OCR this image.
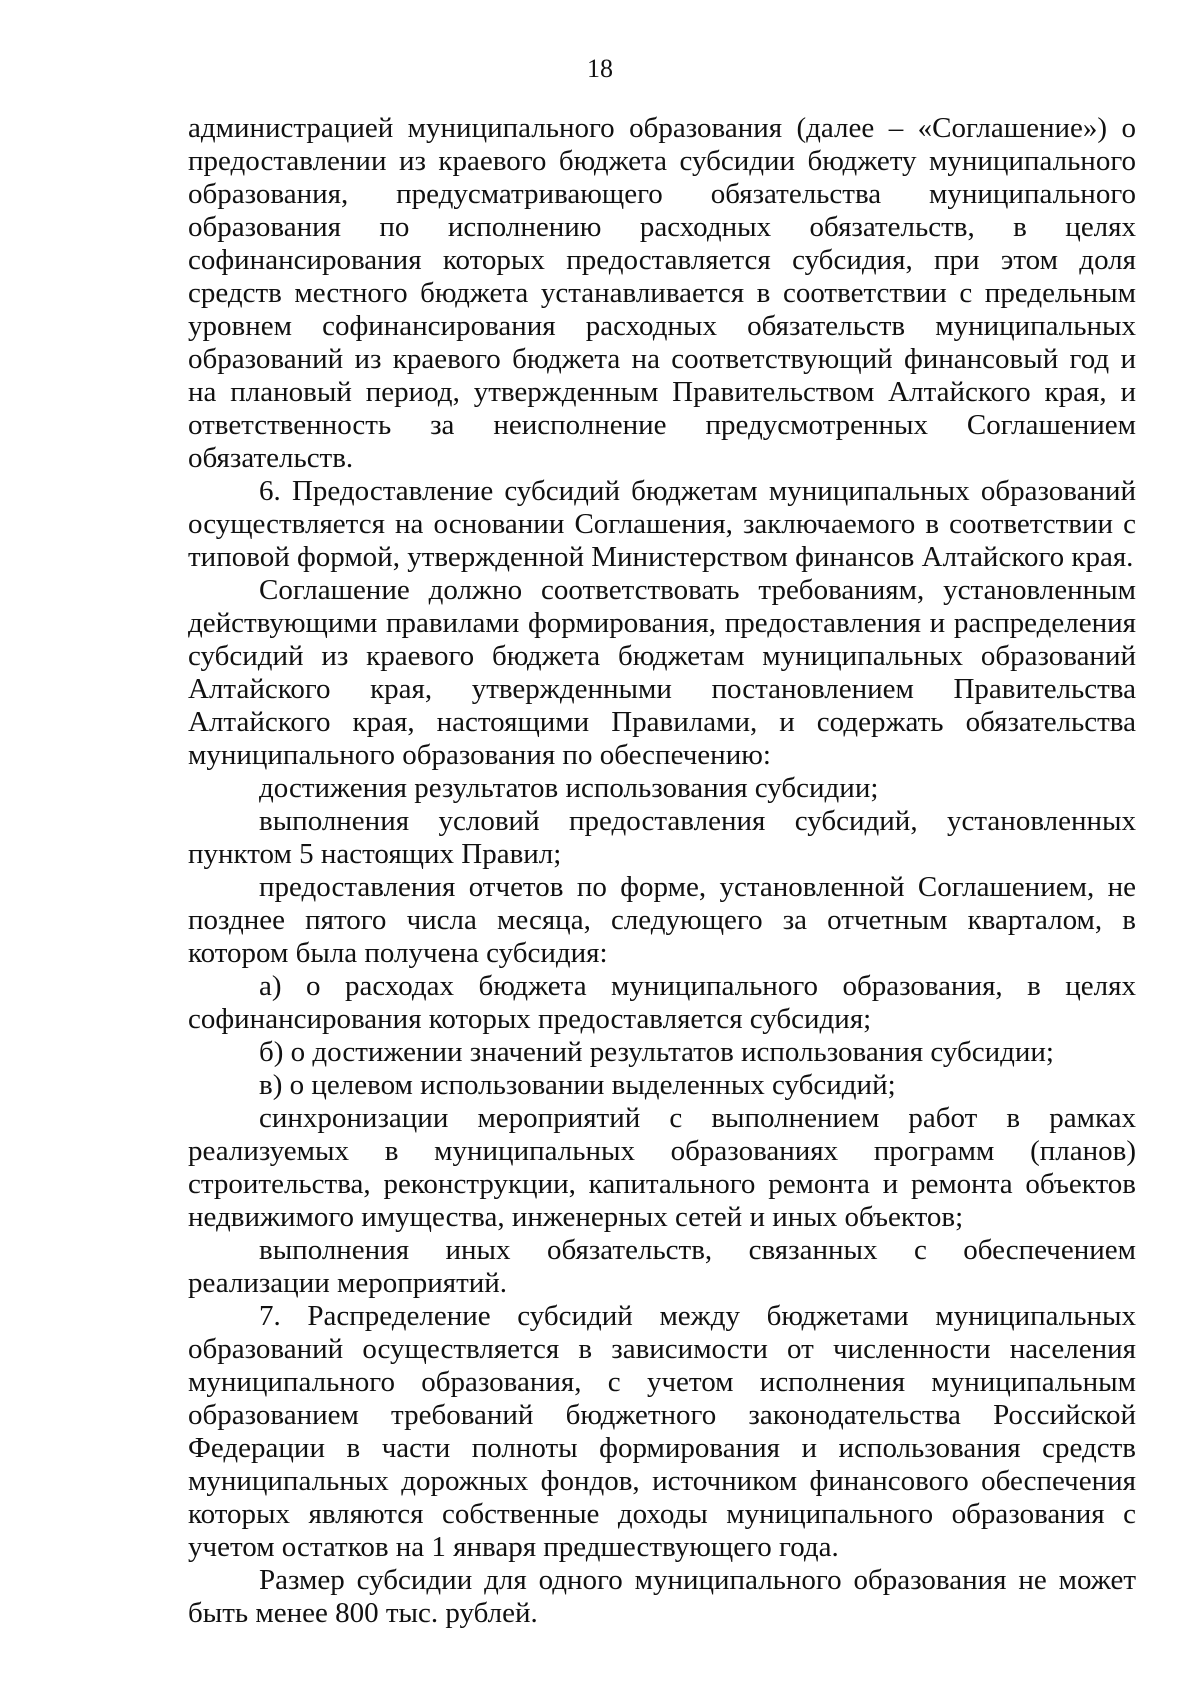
18

администрацией муниципального образования (далее – «Соглашение») о предоставлении из краевого бюджета субсидии бюджету муниципального образования, предусматривающего обязательства муниципального образования по исполнению расходных обязательств, в целях софинансирования которых предоставляется субсидия, при этом доля средств местного бюджета устанавливается в соответствии с предельным уровнем софинансирования расходных обязательств муниципальных образований из краевого бюджета на соответствующий финансовый год и на плановый период, утвержденным Правительством Алтайского края, и ответственность за неисполнение предусмотренных Соглашением обязательств.

6. Предоставление субсидий бюджетам муниципальных образований осуществляется на основании Соглашения, заключаемого в соответствии с типовой формой, утвержденной Министерством финансов Алтайского края.

Соглашение должно соответствовать требованиям, установленным действующими правилами формирования, предоставления и распределения субсидий из краевого бюджета бюджетам муниципальных образований Алтайского края, утвержденными постановлением Правительства Алтайского края, настоящими Правилами, и содержать обязательства муниципального образования по обеспечению:

достижения результатов использования субсидии;

выполнения условий предоставления субсидий, установленных пунктом 5 настоящих Правил;

предоставления отчетов по форме, установленной Соглашением, не позднее пятого числа месяца, следующего за отчетным кварталом, в котором была получена субсидия:

а) о расходах бюджета муниципального образования, в целях софинансирования которых предоставляется субсидия;

б) о достижении значений результатов использования субсидии;

в) о целевом использовании выделенных субсидий;

синхронизации мероприятий с выполнением работ в рамках реализуемых в муниципальных образованиях программ (планов) строительства, реконструкции, капитального ремонта и ремонта объектов недвижимого имущества, инженерных сетей и иных объектов;

выполнения иных обязательств, связанных с обеспечением реализации мероприятий.

7. Распределение субсидий между бюджетами муниципальных образований осуществляется в зависимости от численности населения муниципального образования, с учетом исполнения муниципальным образованием требований бюджетного законодательства Российской Федерации в части полноты формирования и использования средств муниципальных дорожных фондов, источником финансового обеспечения которых являются собственные доходы муниципального образования с учетом остатков на 1 января предшествующего года.

Размер субсидии для одного муниципального образования не может быть менее 800 тыс. рублей.
